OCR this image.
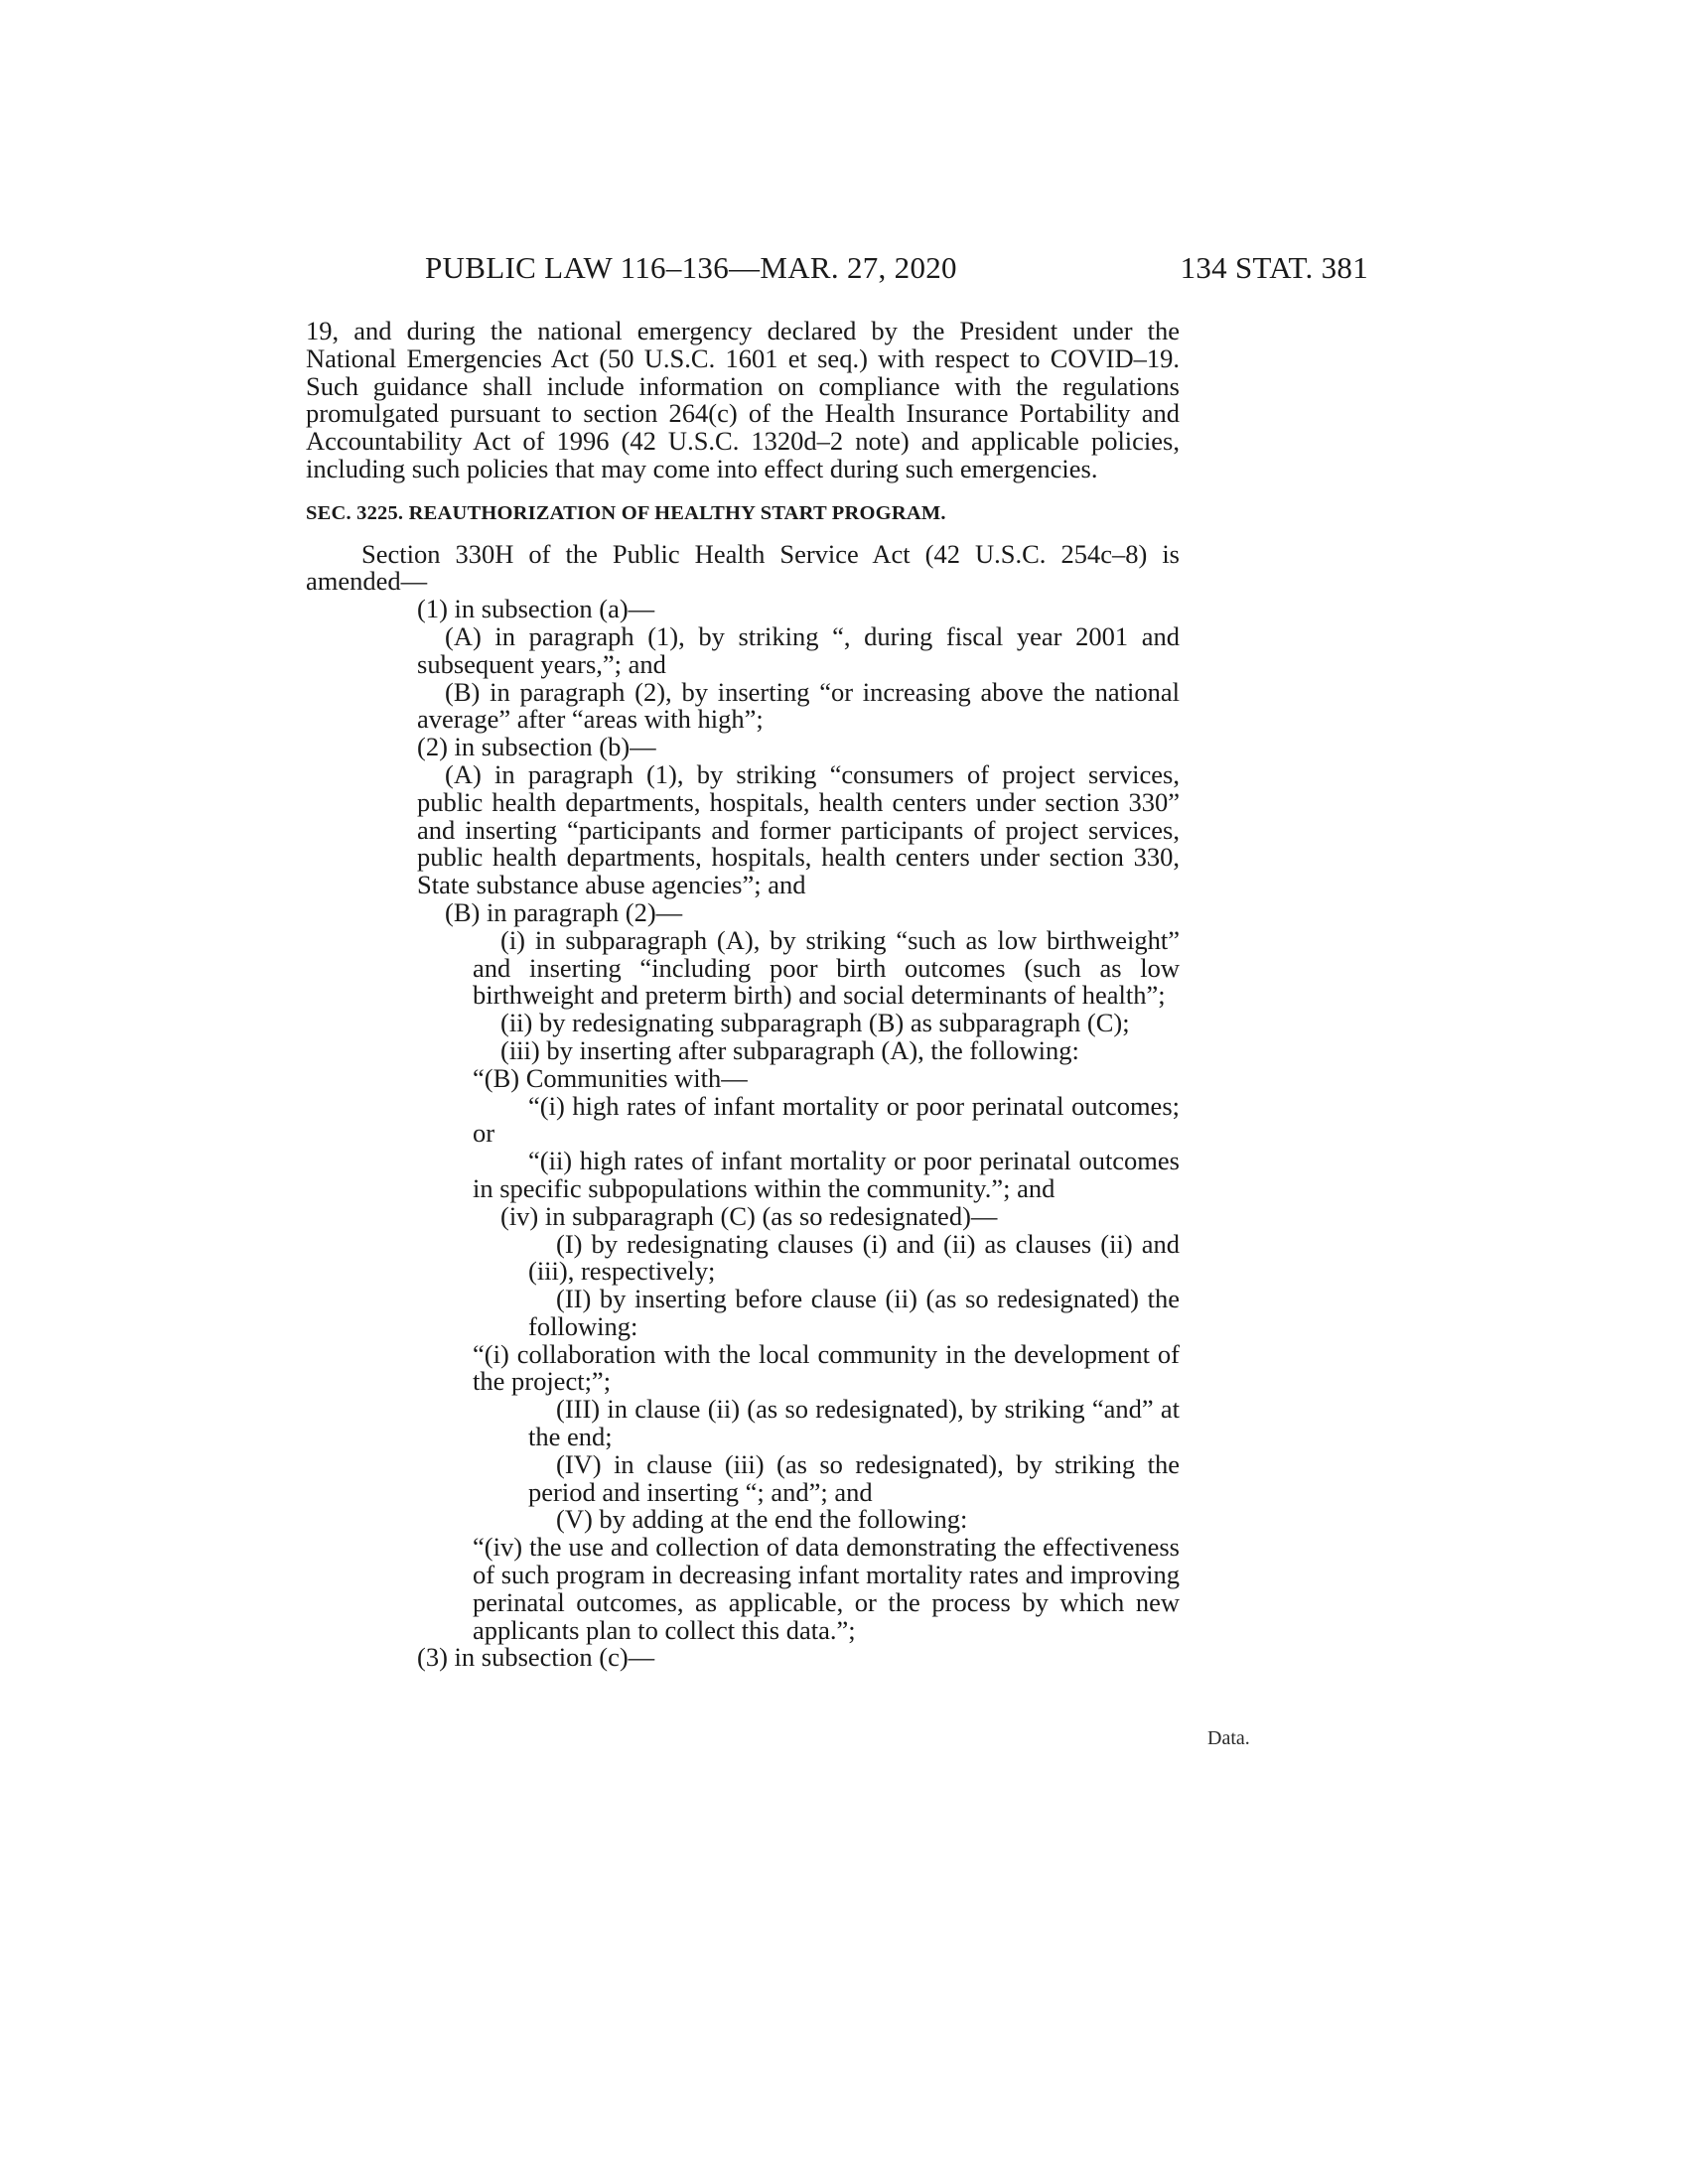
PUBLIC LAW 116–136—MAR. 27, 2020	134 STAT. 381

19, and during the national emergency declared by the President under the National Emergencies Act (50 U.S.C. 1601 et seq.) with respect to COVID–19. Such guidance shall include information on compliance with the regulations promulgated pursuant to section 264(c) of the Health Insurance Portability and Accountability Act of 1996 (42 U.S.C. 1320d–2 note) and applicable policies, including such policies that may come into effect during such emergencies.

SEC. 3225. REAUTHORIZATION OF HEALTHY START PROGRAM.

Section 330H of the Public Health Service Act (42 U.S.C. 254c–8) is amended—

(1) in subsection (a)—

(A) in paragraph (1), by striking “, during fiscal year 2001 and subsequent years,”; and

(B) in paragraph (2), by inserting “or increasing above the national average” after “areas with high”;

(2) in subsection (b)—

(A) in paragraph (1), by striking “consumers of project services, public health departments, hospitals, health centers under section 330” and inserting “participants and former participants of project services, public health departments, hospitals, health centers under section 330, State substance abuse agencies”; and

(B) in paragraph (2)—

(i) in subparagraph (A), by striking “such as low birthweight” and inserting “including poor birth outcomes (such as low birthweight and preterm birth) and social determinants of health”;

(ii) by redesignating subparagraph (B) as subparagraph (C);

(iii) by inserting after subparagraph (A), the following:

“(B) Communities with—

“(i) high rates of infant mortality or poor perinatal outcomes; or

“(ii) high rates of infant mortality or poor perinatal outcomes in specific subpopulations within the community.”; and

(iv) in subparagraph (C) (as so redesignated)—

(I) by redesignating clauses (i) and (ii) as clauses (ii) and (iii), respectively;

(II) by inserting before clause (ii) (as so redesignated) the following:

“(i) collaboration with the local community in the development of the project;”;

(III) in clause (ii) (as so redesignated), by striking “and” at the end;

(IV) in clause (iii) (as so redesignated), by striking the period and inserting “; and”; and

(V) by adding at the end the following:

“(iv) the use and collection of data demonstrating the effectiveness of such program in decreasing infant mortality rates and improving perinatal outcomes, as applicable, or the process by which new applicants plan to collect this data.”;

(3) in subsection (c)—

Data.
